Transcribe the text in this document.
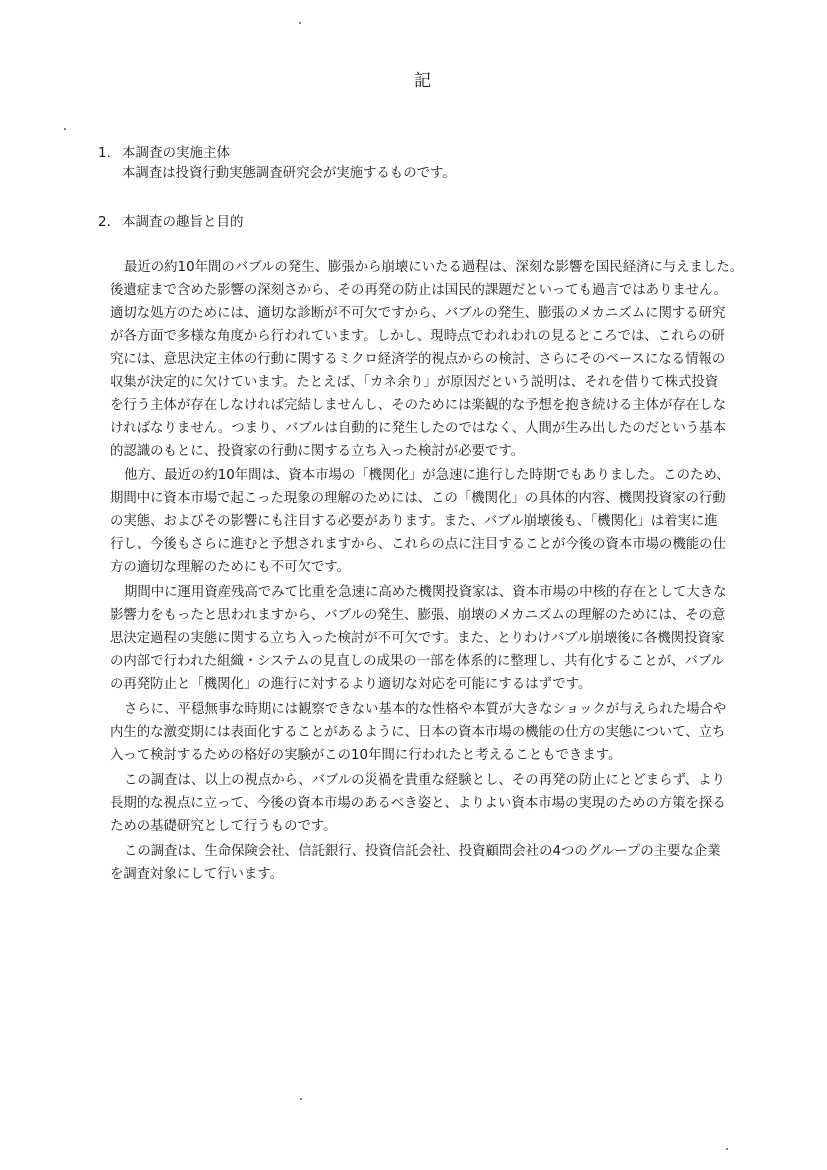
記
1. 本調査の実施主体
本調査は投資行動実態調査研究会が実施するものです。
2. 本調査の趣旨と目的
最近の約10年間のバブルの発生、膨張から崩壊にいたる過程は、深刻な影響を国民経済に与えました。
後遺症まで含めた影響の深刻さから、その再発の防止は国民的課題だといっても過言ではありません。
適切な処方のためには、適切な診断が不可欠ですから、バブルの発生、膨張のメカニズムに関する研究
が各方面で多様な角度から行われています。しかし、現時点でわれわれの見るところでは、これらの研
究には、意思決定主体の行動に関するミクロ経済学的視点からの検討、さらにそのベースになる情報の
収集が決定的に欠けています。たとえば、「カネ余り」が原因だという説明は、それを借りて株式投資
を行う主体が存在しなければ完結しませんし、そのためには楽観的な予想を抱き続ける主体が存在しな
ければなりません。つまり、バブルは自動的に発生したのではなく、人間が生み出したのだという基本
的認識のもとに、投資家の行動に関する立ち入った検討が必要です。
他方、最近の約10年間は、資本市場の「機関化」が急速に進行した時期でもありました。このため、
期間中に資本市場で起こった現象の理解のためには、この「機関化」の具体的内容、機関投資家の行動
の実態、およびその影響にも注目する必要があります。また、バブル崩壊後も、「機関化」は着実に進
行し、今後もさらに進むと予想されますから、これらの点に注目することが今後の資本市場の機能の仕
方の適切な理解のためにも不可欠です。
期間中に運用資産残高でみて比重を急速に高めた機関投資家は、資本市場の中核的存在として大きな
影響力をもったと思われますから、バブルの発生、膨張、崩壊のメカニズムの理解のためには、その意
思決定過程の実態に関する立ち入った検討が不可欠です。また、とりわけバブル崩壊後に各機関投資家
の内部で行われた組織・システムの見直しの成果の一部を体系的に整理し、共有化することが、バブル
の再発防止と「機関化」の進行に対するより適切な対応を可能にするはずです。
さらに、平穏無事な時期には観察できない基本的な性格や本質が大きなショックが与えられた場合や
内生的な激変期には表面化することがあるように、日本の資本市場の機能の仕方の実態について、立ち
入って検討するための格好の実験がこの10年間に行われたと考えることもできます。
この調査は、以上の視点から、バブルの災禍を貴重な経験とし、その再発の防止にとどまらず、より
長期的な視点に立って、今後の資本市場のあるべき姿と、よりよい資本市場の実現のための方策を探る
ための基礎研究として行うものです。
この調査は、生命保険会社、信託銀行、投資信託会社、投資顧問会社の4つのグループの主要な企業
を調査対象にして行います。
